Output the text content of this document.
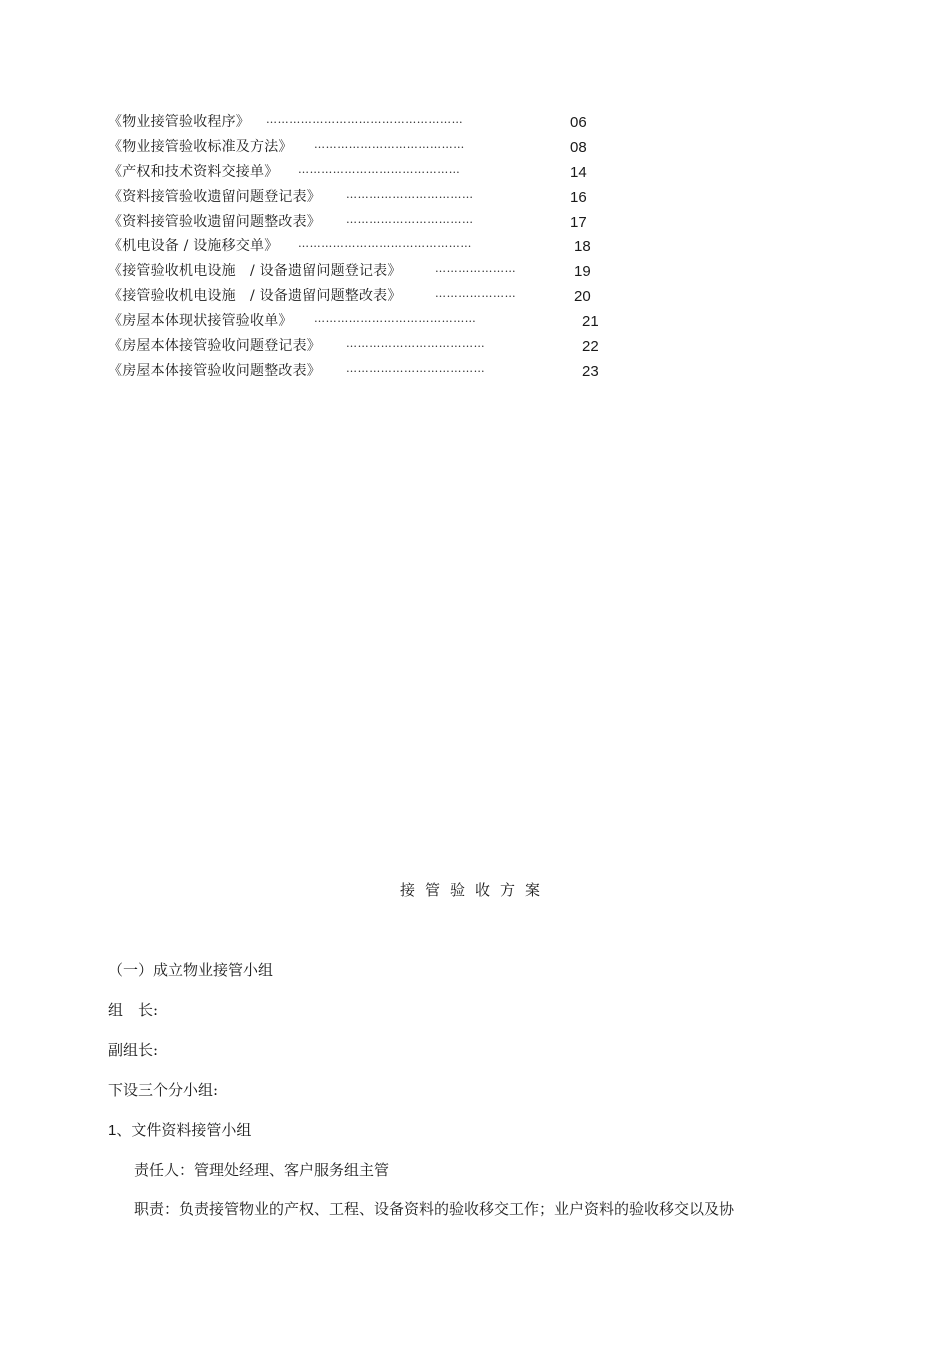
《物业接管验收程序》 ……………………………………………	06
《物业接管验收标准及方法》 …………………………………	08
《产权和技术资料交接单》 ……………………………………	14
《资料接管验收遗留问题登记表》 ……………………………	16
《资料接管验收遗留问题整改表》 ……………………………	17
《机电设备 / 设施移交单》 ………………………………………	18
《接管验收机电设施　/ 设备遗留问题登记表》	…………………	19
《接管验收机电设施　/ 设备遗留问题整改表》	…………………	20
《房屋本体现状接管验收单》 ……………………………………	21
《房屋本体接管验收问题登记表》 ………………………………	22
《房屋本体接管验收问题整改表》 ………………………………	23
接管验收方案
（一）成立物业接管小组
组　长:
副组长:
下设三个分小组:
1、文件资料接管小组
责任人：管理处经理、客户服务组主管
职责：负责接管物业的产权、工程、设备资料的验收移交工作；业户资料的验收移交以及协
